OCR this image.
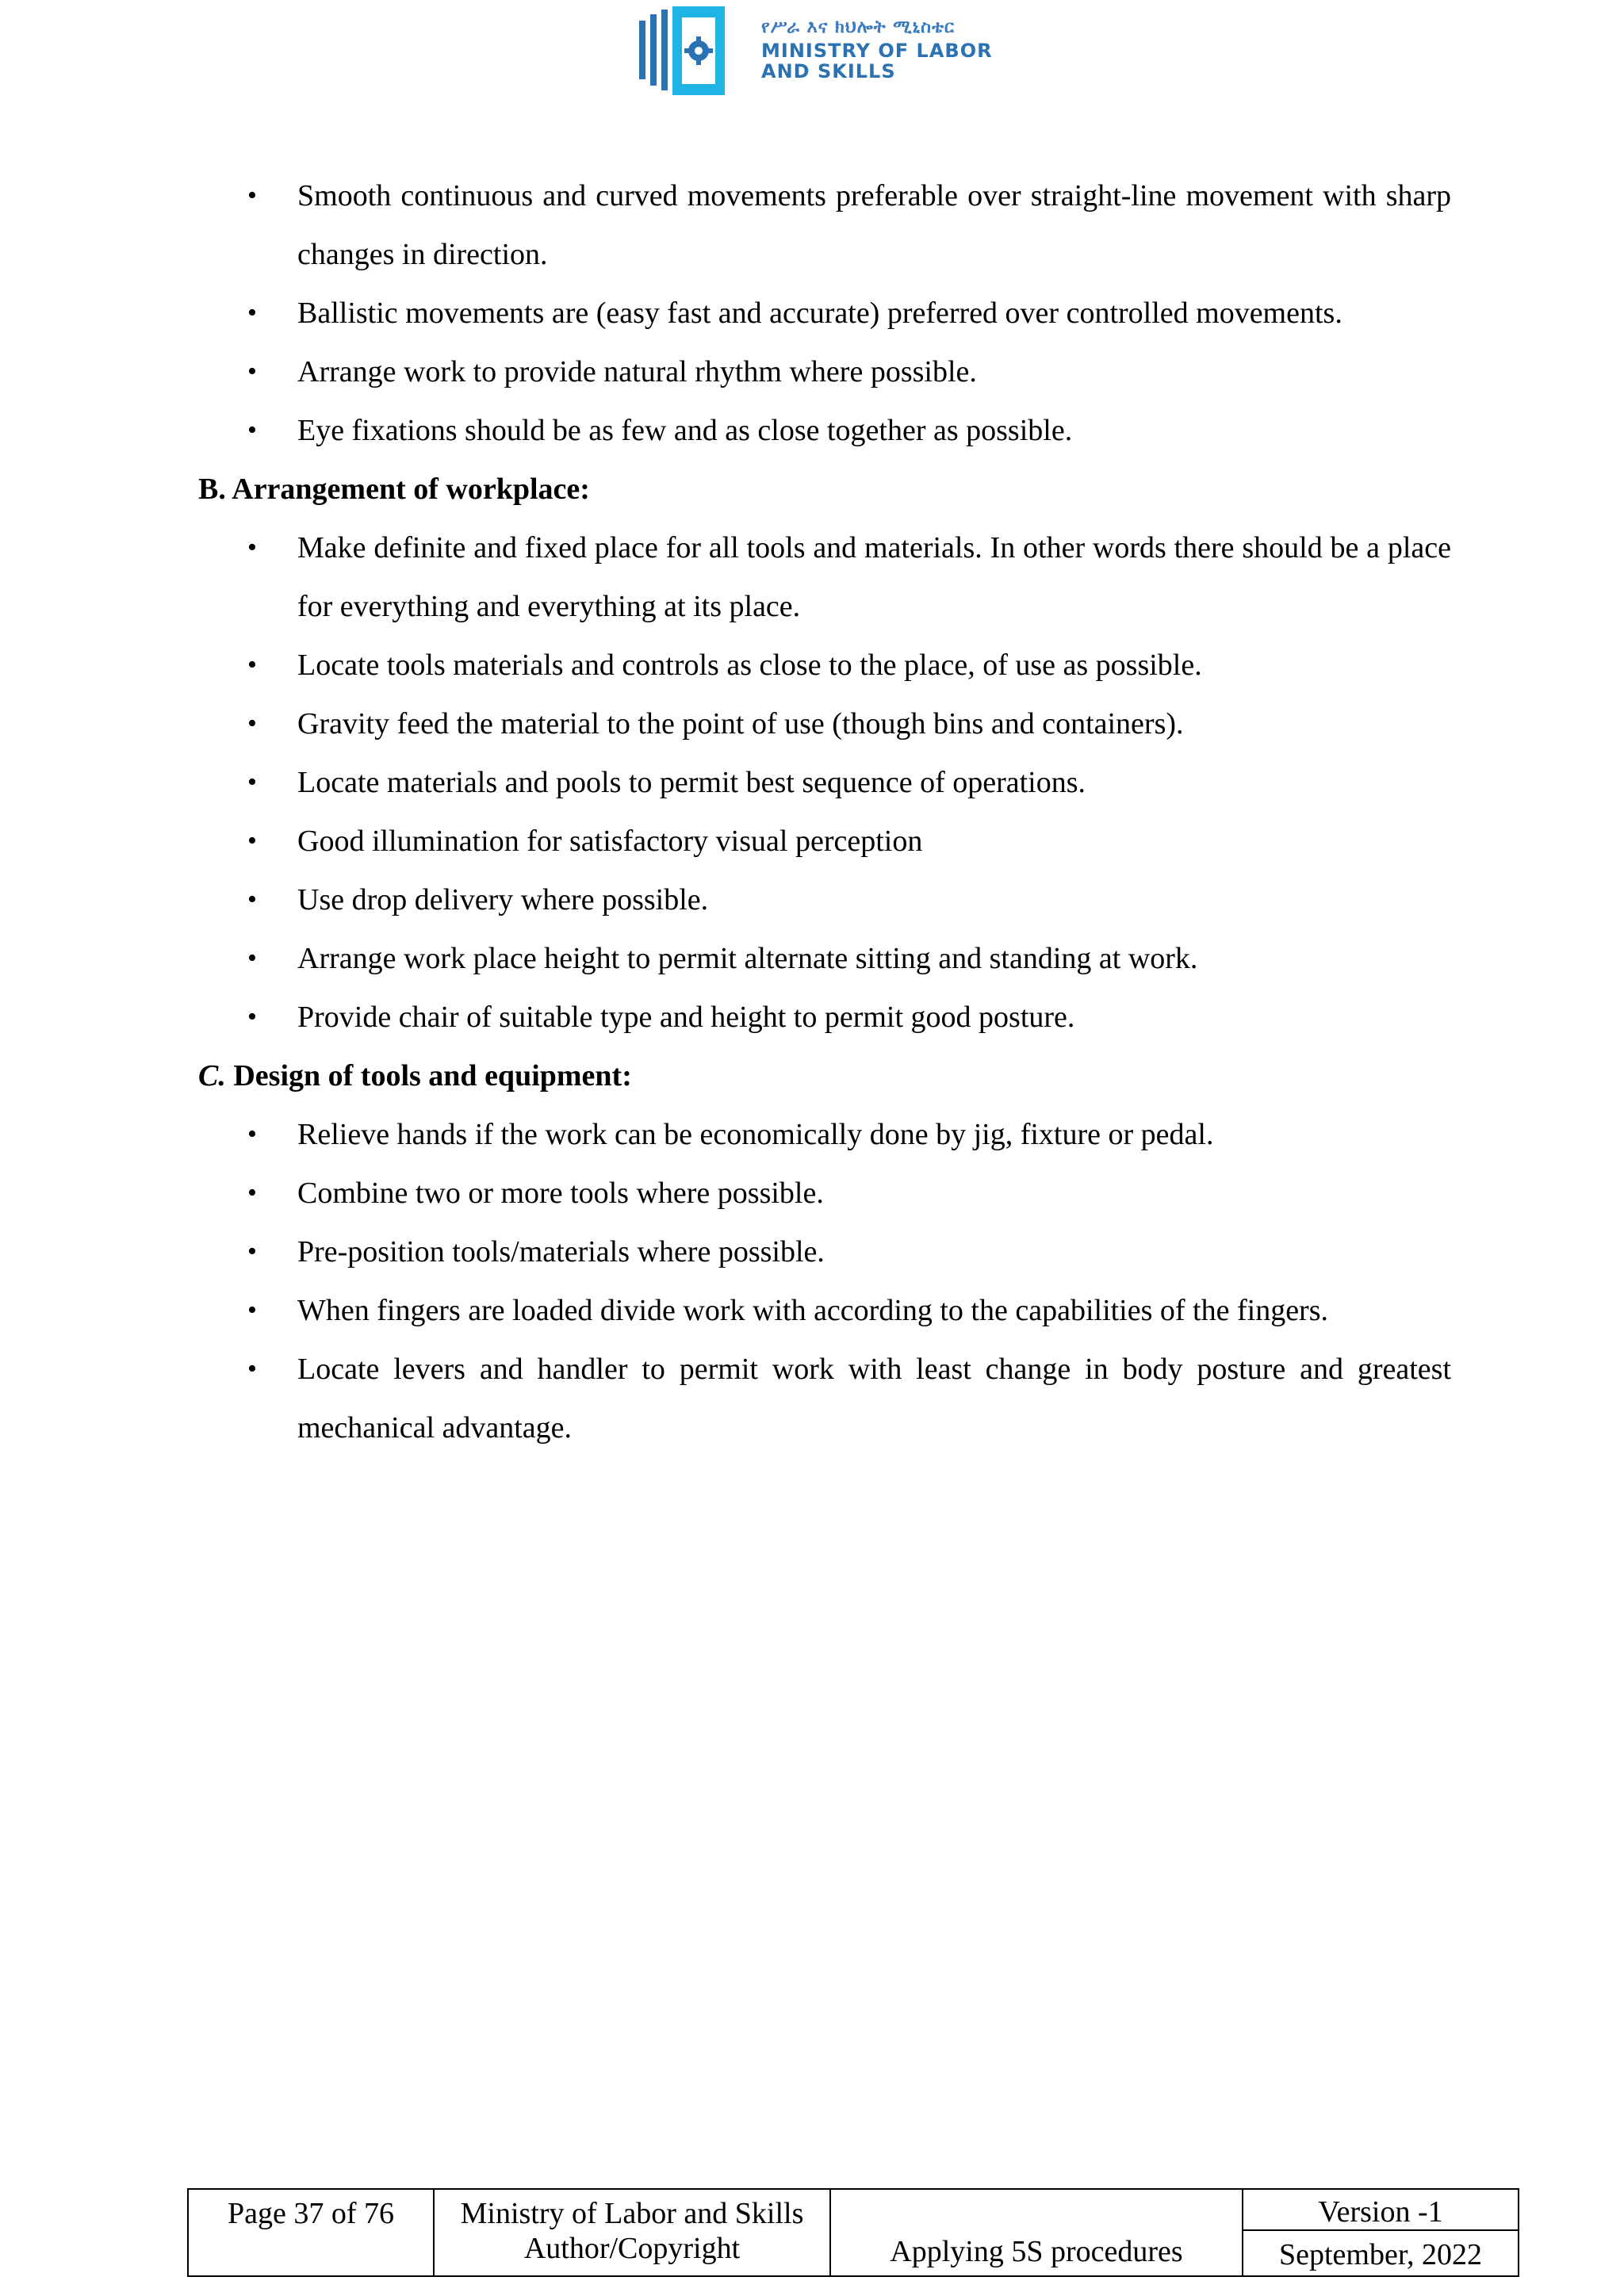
የሥራ እና ክህሎት ሚኒስቴር
MINISTRY OF LABOR
AND SKILLS
• Smooth continuous and curved movements preferable over straight-line movement with sharp changes in direction.
• Ballistic movements are (easy fast and accurate) preferred over controlled movements.
• Arrange work to provide natural rhythm where possible.
• Eye fixations should be as few and as close together as possible.

B. Arrangement of workplace:

• Make definite and fixed place for all tools and materials. In other words there should be a place for everything and everything at its place.
• Locate tools materials and controls as close to the place, of use as possible.
• Gravity feed the material to the point of use (though bins and containers).
• Locate materials and pools to permit best sequence of operations.
• Good illumination for satisfactory visual perception
• Use drop delivery where possible.
• Arrange work place height to permit alternate sitting and standing at work.
• Provide chair of suitable type and height to permit good posture.

C. Design of tools and equipment:

• Relieve hands if the work can be economically done by jig, fixture or pedal.
• Combine two or more tools where possible.
• Pre-position tools/materials where possible.
• When fingers are loaded divide work with according to the capabilities of the fingers.
• Locate levers and handler to permit work with least change in body posture and greatest mechanical advantage.
Page 37 of 76	Ministry of Labor and Skills
Author/Copyright	Applying 5S procedures
Version -1
September, 2022
